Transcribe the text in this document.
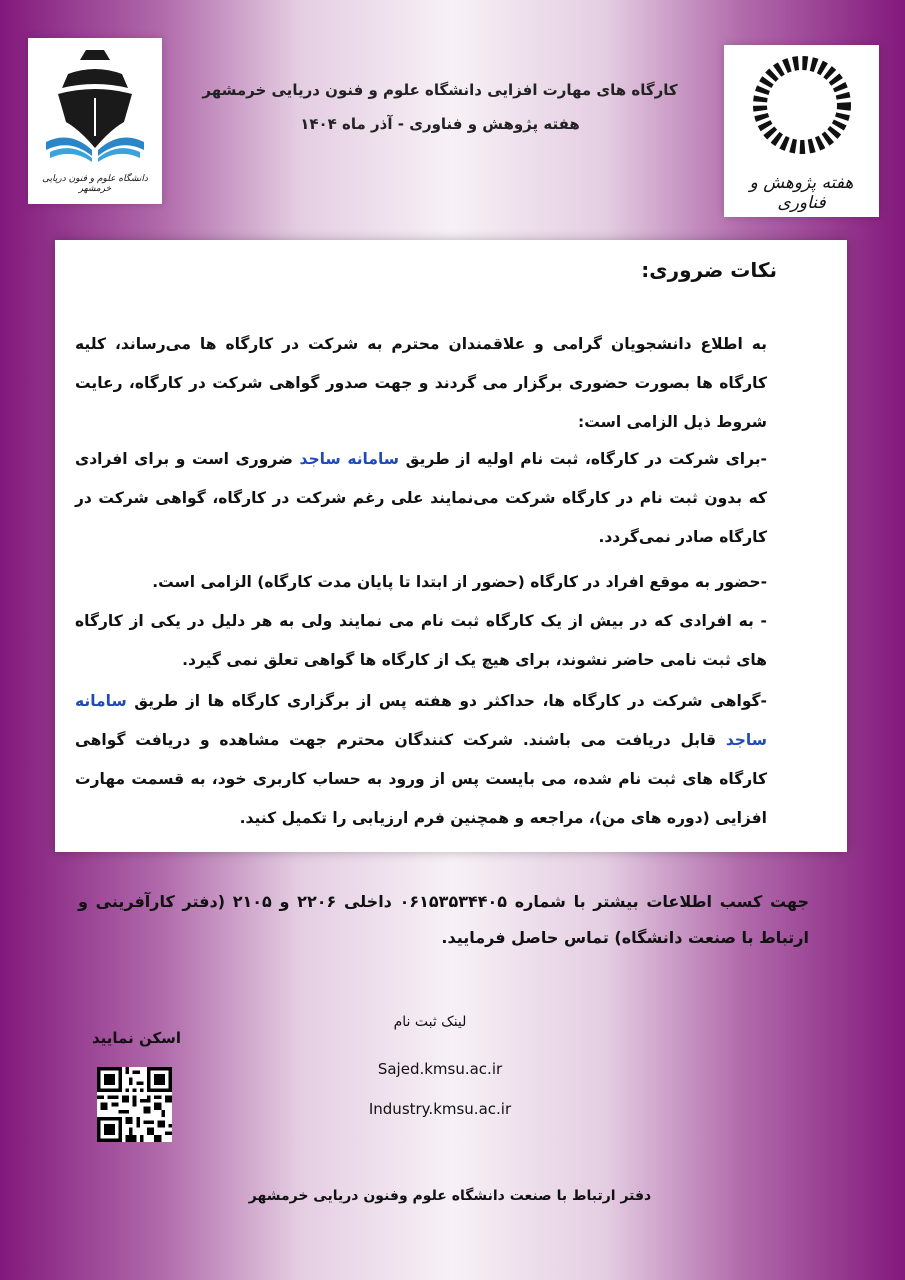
دانشگاه علوم و فنون دریایی خرمشهر
کارگاه های مهارت افزایی دانشگاه علوم و فنون دریایی خرمشهر
هفته پژوهش و فناوری - آذر ماه ۱۴۰۴
هفته پژوهش و فناوری
نکات ضروری:
به اطلاع دانشجویان گرامی و علاقمندان محترم به شرکت در کارگاه ها می‌رساند، کلیه کارگاه ها بصورت حضوری برگزار می گردند و جهت صدور گواهی شرکت در کارگاه، رعایت شروط ذیل الزامی است:
-برای شرکت در کارگاه، ثبت نام اولیه از طریق سامانه ساجد ضروری است و برای افرادی که بدون ثبت نام در کارگاه شرکت می‌نمایند علی رغم شرکت در کارگاه، گواهی شرکت در کارگاه صادر نمی‌گردد.
-حضور به موقع افراد در کارگاه (حضور از ابتدا تا پایان مدت کارگاه) الزامی است.
- به افرادی که در بیش از یک کارگاه ثبت نام می نمایند ولی به هر دلیل در یکی از کارگاه های ثبت نامی حاضر نشوند، برای هیچ یک از کارگاه ها گواهی تعلق نمی گیرد.
-گواهی شرکت در کارگاه ها، حداکثر دو هفته پس از برگزاری کارگاه ها از طریق سامانه ساجد قابل دریافت می باشند. شرکت کنندگان محترم جهت مشاهده و دریافت گواهی کارگاه های ثبت نام شده، می بایست پس از ورود به حساب کاربری خود، به قسمت مهارت افزایی (دوره های من)، مراجعه و همچنین فرم ارزیابی را تکمیل کنید.
جهت کسب اطلاعات بیشتر با شماره ۰۶۱۵۳۵۳۴۴۰۵ داخلی ۲۲۰۶ و ۲۱۰۵ (دفتر کارآفرینی و ارتباط با صنعت دانشگاه) تماس حاصل فرمایید.
اسکن نمایید
لینک ثبت نام
Sajed.kmsu.ac.ir
Industry.kmsu.ac.ir
دفتر ارتباط با صنعت دانشگاه علوم وفنون دریایی خرمشهر
